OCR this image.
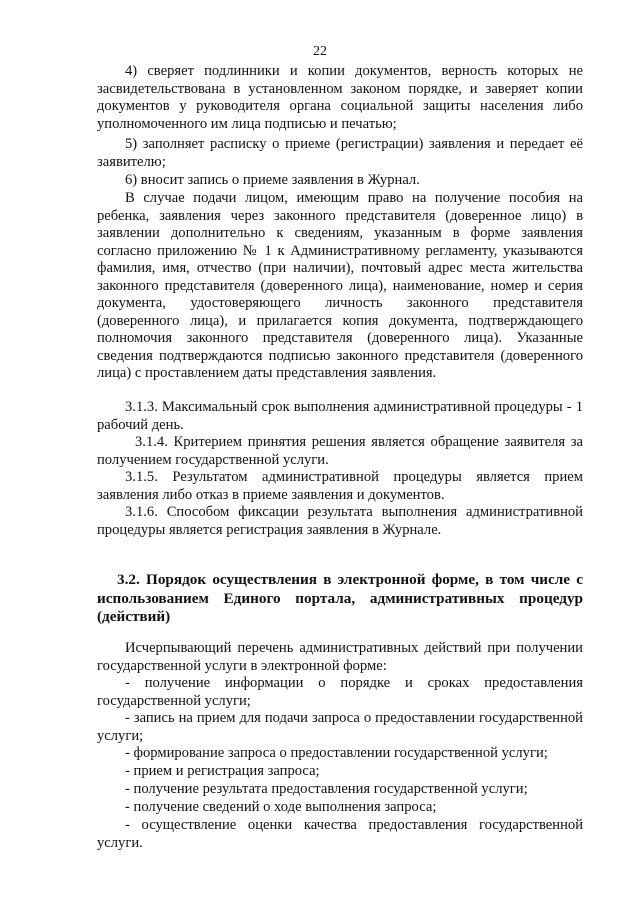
22

4) сверяет подлинники и копии документов, верность которых не засвидетельствована в установленном законом порядке, и заверяет копии документов у руководителя органа социальной защиты населения либо уполномоченного им лица подписью и печатью;

5) заполняет расписку о приеме (регистрации) заявления и передает её заявителю;

6) вносит запись о приеме заявления в Журнал.

В случае подачи лицом, имеющим право на получение пособия на ребенка, заявления через законного представителя (доверенное лицо) в заявлении дополнительно к сведениям, указанным в форме заявления согласно приложению № 1 к Административному регламенту, указываются фамилия, имя, отчество (при наличии), почтовый адрес места жительства законного представителя (доверенного лица), наименование, номер и серия документа, удостоверяющего личность законного представителя (доверенного лица), и прилагается копия документа, подтверждающего полномочия законного представителя (доверенного лица). Указанные сведения подтверждаются подписью законного представителя (доверенного лица) с проставлением даты представления заявления.

3.1.3. Максимальный срок выполнения административной процедуры - 1 рабочий день.

3.1.4. Критерием принятия решения является обращение заявителя за получением государственной услуги.

3.1.5. Результатом административной процедуры является прием заявления либо отказ в приеме заявления и документов.

3.1.6. Способом фиксации результата выполнения административной процедуры является регистрация заявления в Журнале.

3.2. Порядок осуществления в электронной форме, в том числе с использованием Единого портала, административных процедур (действий)

Исчерпывающий перечень административных действий при получении государственной услуги в электронной форме:

- получение информации о порядке и сроках предоставления государственной услуги;

- запись на прием для подачи запроса о предоставлении государственной услуги;

- формирование запроса о предоставлении государственной услуги;

- прием и регистрация запроса;

- получение результата предоставления государственной услуги;

- получение сведений о ходе выполнения запроса;

- осуществление оценки качества предоставления государственной услуги.
